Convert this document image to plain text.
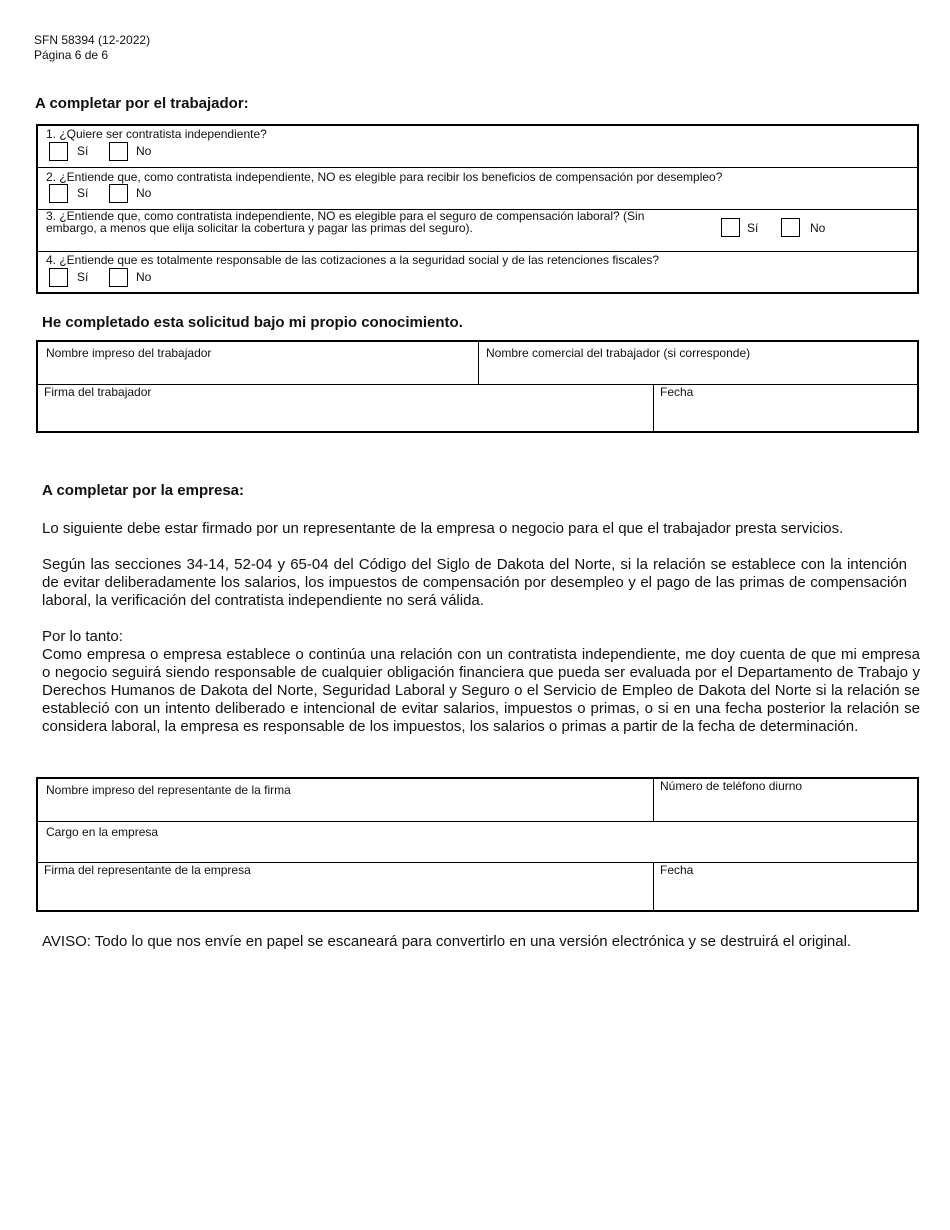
SFN 58394 (12-2022)
Página 6 de 6
A completar por el trabajador:
1. ¿Quiere ser contratista independiente?
Sí	No
2. ¿Entiende que, como contratista independiente, NO es elegible para recibir los beneficios de compensación por desempleo?
Sí	No
3. ¿Entiende que, como contratista independiente, NO es elegible para el seguro de compensación laboral? (Sin embargo, a menos que elija solicitar la cobertura y pagar las primas del seguro).	Sí	No
4. ¿Entiende que es totalmente responsable de las cotizaciones a la seguridad social y de las retenciones fiscales?
Sí	No
He completado esta solicitud bajo mi propio conocimiento.
Nombre impreso del trabajador	Nombre comercial del trabajador (si corresponde)
Firma del trabajador	Fecha
A completar por la empresa:
Lo siguiente debe estar firmado por un representante de la empresa o negocio para el que el trabajador presta servicios.
Según las secciones 34-14, 52-04 y 65-04 del Código del Siglo de Dakota del Norte, si la relación se establece con la intención de evitar deliberadamente los salarios, los impuestos de compensación por desempleo y el pago de las primas de compensación laboral, la verificación del contratista independiente no será válida.
Por lo tanto:
Como empresa o empresa establece o continúa una relación con un contratista independiente, me doy cuenta de que mi empresa o negocio seguirá siendo responsable de cualquier obligación financiera que pueda ser evaluada por el Departamento de Trabajo y Derechos Humanos de Dakota del Norte, Seguridad Laboral y Seguro o el Servicio de Empleo de Dakota del Norte si la relación se estableció con un intento deliberado e intencional de evitar salarios, impuestos o primas, o si en una fecha posterior la relación se considera laboral, la empresa es responsable de los impuestos, los salarios o primas a partir de la fecha de determinación.
Nombre impreso del representante de la firma	Número de teléfono diurno
Cargo en la empresa
Firma del representante de la empresa	Fecha
AVISO: Todo lo que nos envíe en papel se escaneará para convertirlo en una versión electrónica y se destruirá el original.
